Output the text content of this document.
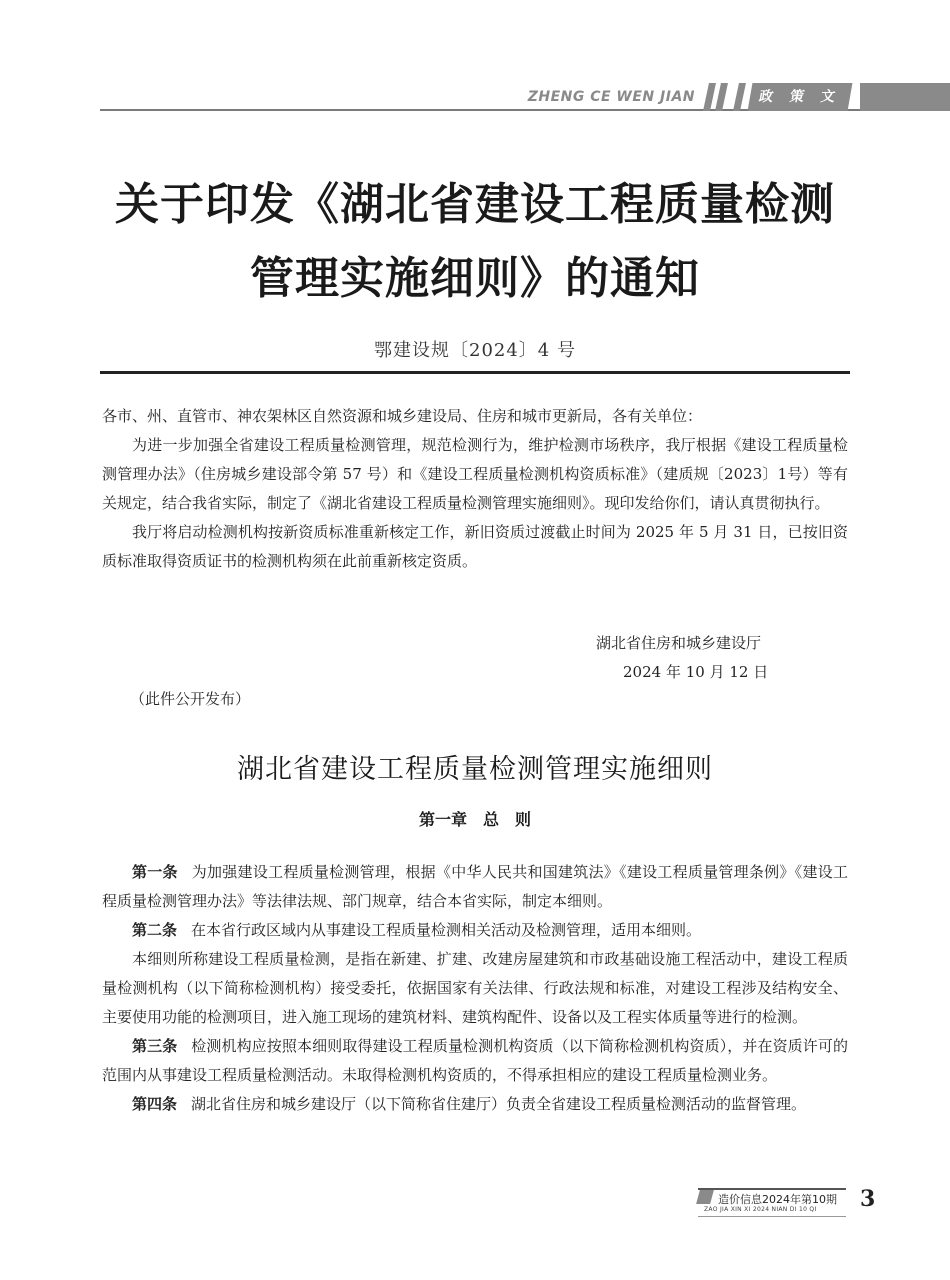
ZHENG CE WEN JIAN	政 策 文 件
关于印发《湖北省建设工程质量检测
管理实施细则》的通知
鄂建设规〔2024〕4 号

各市、州、直管市、神农架林区自然资源和城乡建设局、住房和城市更新局，各有关单位：

为进一步加强全省建设工程质量检测管理，规范检测行为，维护检测市场秩序，我厅根据《建设工程质量检测管理办法》（住房城乡建设部令第 57 号）和《建设工程质量检测机构资质标准》（建质规〔2023〕1号）等有关规定，结合我省实际，制定了《湖北省建设工程质量检测管理实施细则》。现印发给你们，请认真贯彻执行。

我厅将启动检测机构按新资质标准重新核定工作，新旧资质过渡截止时间为 2025 年 5 月 31 日，已按旧资质标准取得资质证书的检测机构须在此前重新核定资质。

湖北省住房和城乡建设厅
2024 年 10 月 12 日
（此件公开发布）
湖北省建设工程质量检测管理实施细则
第一章　总　则

第一条 为加强建设工程质量检测管理，根据《中华人民共和国建筑法》《建设工程质量管理条例》《建设工程质量检测管理办法》等法律法规、部门规章，结合本省实际，制定本细则。

第二条 在本省行政区域内从事建设工程质量检测相关活动及检测管理，适用本细则。

本细则所称建设工程质量检测，是指在新建、扩建、改建房屋建筑和市政基础设施工程活动中，建设工程质量检测机构（以下简称检测机构）接受委托，依据国家有关法律、行政法规和标准，对建设工程涉及结构安全、主要使用功能的检测项目，进入施工现场的建筑材料、建筑构配件、设备以及工程实体质量等进行的检测。

第三条 检测机构应按照本细则取得建设工程质量检测机构资质（以下简称检测机构资质），并在资质许可的范围内从事建设工程质量检测活动。未取得检测机构资质的，不得承担相应的建设工程质量检测业务。

第四条 湖北省住房和城乡建设厅（以下简称省住建厅）负责全省建设工程质量检测活动的监督管理。

造价信息2024年第10期
ZAO JIA XIN XI 2024 NIAN DI 10 QI 3
